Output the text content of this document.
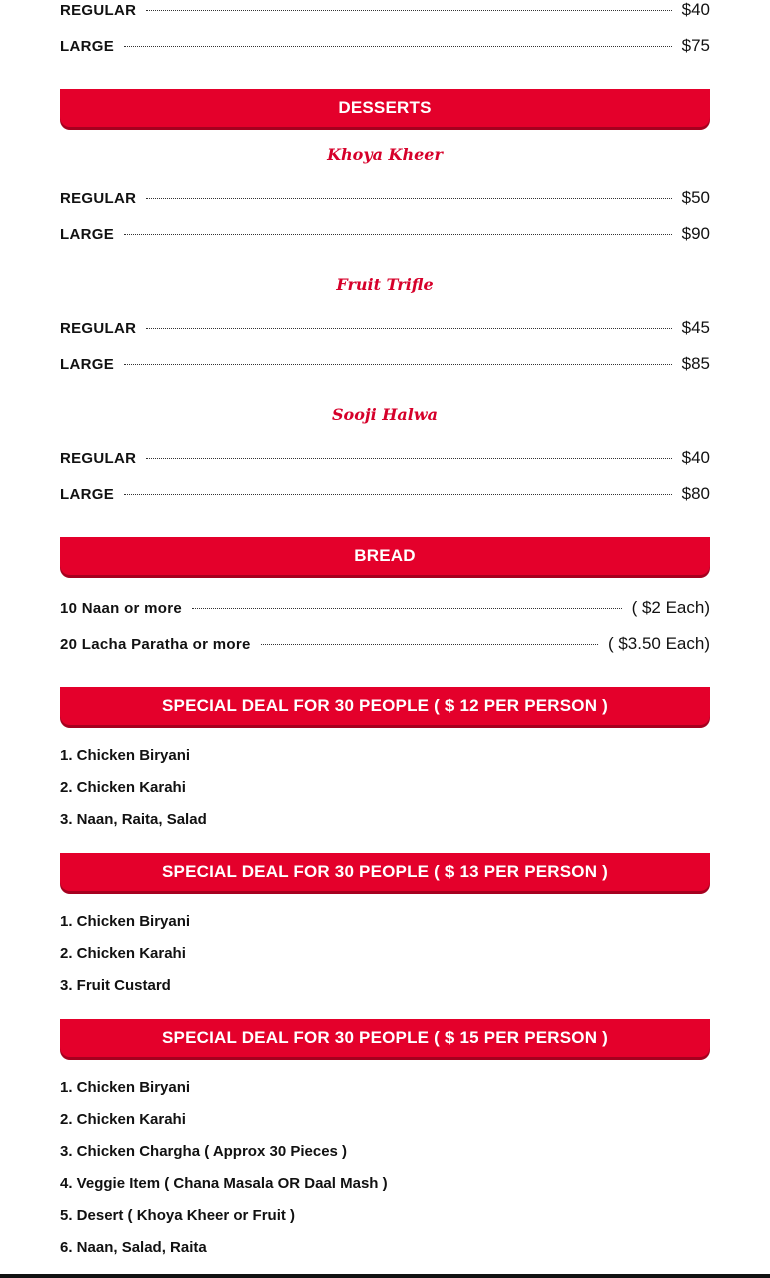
REGULAR	$40
LARGE	$75
DESSERTS
Khoya Kheer
REGULAR	$50
LARGE	$90
Fruit Trifle
REGULAR	$45
LARGE	$85
Sooji Halwa
REGULAR	$40
LARGE	$80
BREAD
10 Naan or more	( $2 Each)
20 Lacha Paratha or more	( $3.50 Each)
SPECIAL DEAL FOR 30 PEOPLE ( $ 12 PER PERSON )
1. Chicken Biryani
2. Chicken Karahi
3. Naan, Raita, Salad
SPECIAL DEAL FOR 30 PEOPLE ( $ 13 PER PERSON )
1. Chicken Biryani
2. Chicken Karahi
3. Fruit Custard
SPECIAL DEAL FOR 30 PEOPLE ( $ 15 PER PERSON )
1. Chicken Biryani
2. Chicken Karahi
3. Chicken Chargha ( Approx 30 Pieces )
4. Veggie Item ( Chana Masala OR Daal Mash )
5. Desert ( Khoya Kheer or Fruit )
6. Naan, Salad, Raita
